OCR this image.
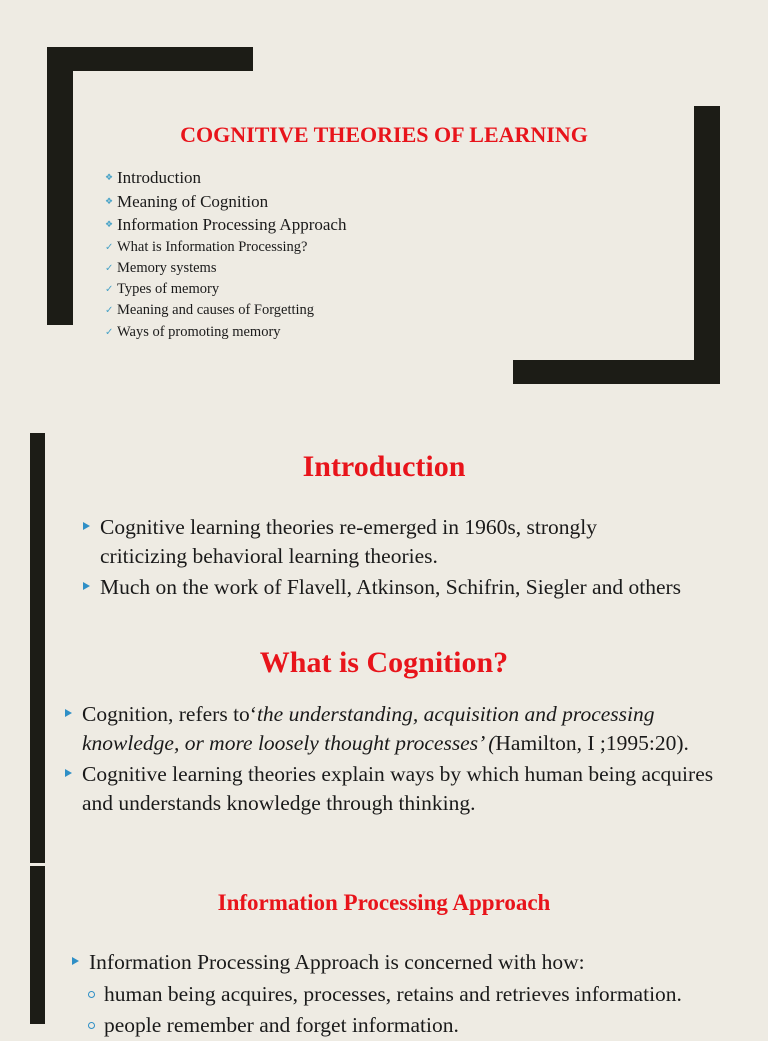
COGNITIVE THEORIES OF LEARNING
❖ Introduction
❖ Meaning of Cognition
❖ Information Processing Approach
✓ What is Information Processing?
✓ Memory systems
✓ Types of memory
✓ Meaning and causes of Forgetting
✓ Ways of promoting memory
Introduction
Cognitive learning theories re-emerged in 1960s, strongly criticizing behavioral learning theories.
Much on the work of Flavell, Atkinson, Schifrin, Siegler and others
What is Cognition?
Cognition, refers to‘the understanding, acquisition and processing knowledge, or more loosely thought processes’ (Hamilton, I ;1995:20).
Cognitive learning theories explain ways by which human being acquires and understands knowledge through thinking.
Information Processing Approach
Information Processing Approach is concerned with how:
human being acquires, processes, retains and retrieves information.
people remember and forget information.
